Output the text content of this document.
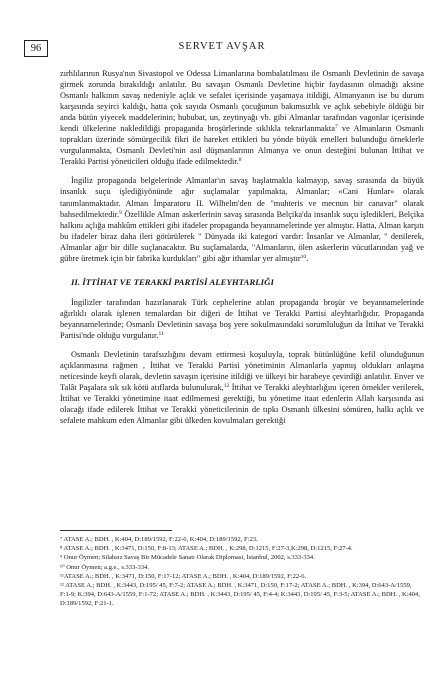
96	SERVET AVŞAR

zırhlılarının Rusya'nın Sivastopol ve Odessa Limanlarına bombalatılması ile Osmanlı Devletinin de savaşa girmek zorunda bırakıldığı anlatılır. Bu savaşın Osmanlı Devletine hiçbir faydasının olmadığı aksine Osmanlı halkının savaş nedeniyle açlık ve sefalet içerisinde yaşamaya itildiği, Almanyanın ise bu durum karşısında seyirci kaldığı, hatta çok sayıda Osmanlı çocuğunun bakımsızlık ve açlık sebebiyle öldüğü bir anda bütün yiyecek maddelerinin; hububat, un, zeytinyağı vb. gibi Almanlar tarafından vagonlar içerisinde kendi ülkelerine nakledildiği propaganda broşürlerinde sıklıkla tekrarlanmakta$^7$ ve Almanların Osmanlı toprakları üzerinde sömürgecilik fikri ile hareket ettikleri bu yönde büyük emelleri bulunduğu örneklerle vurgulanmakta, Osmanlı Devleti'nin asıl düşmanlarının Almanya ve onun desteğini bulunan İttihat ve Terakki Partisi yöneticileri olduğu ifade edilmektedir.$^8$

İngiliz propaganda belgelerinde Almanlar'ın savaş başlatmakla kalmayıp, savaş sırasında da büyük insanlık suçu işlediğiyönünde ağır suçlamalar yapılmakta, Almanlar; «Cani Hunlar» olarak tanımlanmaktadır. Alman İmparatoru II. Wilhelm'den de "muhteris ve mecnun bir canavar" olarak bahsedilmektedir.$^9$ Özellikle Alman askerlerinin savaş sırasında Belçika'da insanlık suçu işledikleri, Belçika halkını açlığa mahkûm ettikleri gibi ifadeler propaganda beyannamelerinde yer almıştır. Hatta, Alman karşıtı bu ifadeler biraz daha ileri götürülerek " Dünyada iki kategori vardır: İnsanlar ve Almanlar, " denilerek, Almanlar ağır bir dille suçlanacaktır. Bu suçlamalarda, "Almanların, ölen askerlerin vücutlarından yağ ve gübre üretmek için bir fabrika kurdukları" gibi ağır ithamlar yer almıştır$^{10}$.

II. İTTİHAT VE TERAKKİ PARTİSİ ALEYHTARLIĞI

İngilizler tarafından hazırlanarak Türk cephelerine atılan propaganda broşür ve beyannamelerinde ağırlıklı olarak işlenen temalardan bir diğeri de İttihat ve Terakki Partisi aleyhtarlığıdır. Propaganda beyannamelerinde; Osmanlı Devletinin savaşa boş yere sokulmasındaki sorumluluğun da İttihat ve Terakki Partisi'nde olduğu vurgulanır.$^{11}$

Osmanlı Devletinin tarafsızlığını devam ettirmesi koşuluyla, toprak bütünlüğüne kefil olunduğunun açıklanmasına rağmen , İttihat ve Terakki Partisi yönetiminin Almanlarla yapmış oldukları anlaşma neticesinde keyfi olarak, devletin savaşın içerisine itildiği ve ülkeyi bir harabeye çevirdiği anlatılır. Enver ve Talât Paşalara sık sık kötü atıflarda bulunulurak,$^{12}$ İttihat ve Terakki aleyhtarlığını içeren örnekler verilerek, İttihat ve Terakki yönetimine itaat edilmemesi gerektiği, bu yönetime itaat edenlerin Allah karşısında asi olacağı ifade edilerek İttihat ve Terakki yöneticilerinin de tıpkı Osmanlı ülkesini sömüren, halkı açlık ve sefalete mahkum eden Almanlar gibi ülkeden kovulmaları gerektiği

⁷ ATASE A.; BDH. , K:404, D:189/1592, F:22-6, K:404, D:189/1592, F:23.
⁸ ATASE A.; BDH. , K:3471, D:150, F:8-13; ATASE A.; BDH. , K:298, D:1215, F:27-3,K:298, D:1215, F:27-4.
⁹ Onur Öymen; Silahsız Savaş Bir Mücadele Sanatı Olarak Diplomasi, İstanbul, 2002, s.333-334.
¹⁰ Onur Öymen; a.g.e., s.333-334.
¹¹ATASE A.; BDH. , K:3471, D:150, F:17-12; ATASE A.; BDH. , K:404, D:189/1592, F:22-6.
¹² ATASE A.; BDH. , K:3443, D:195/ 45, F:7-2; ATASE A.; BDH. , K:3471, D:150, F:17-2; ATASE A.; BDH. , K:394, D:643-A/1559, F:1-9; K:394, D:643-A/1559, F:1-72; ATASE A.; BDH. , K:3443, D:195/ 45, F:4-4; K:3443, D:195/ 45, F:3-5; ATASE A.; BDH. , K:404, D:189/1592, F:21-1.
